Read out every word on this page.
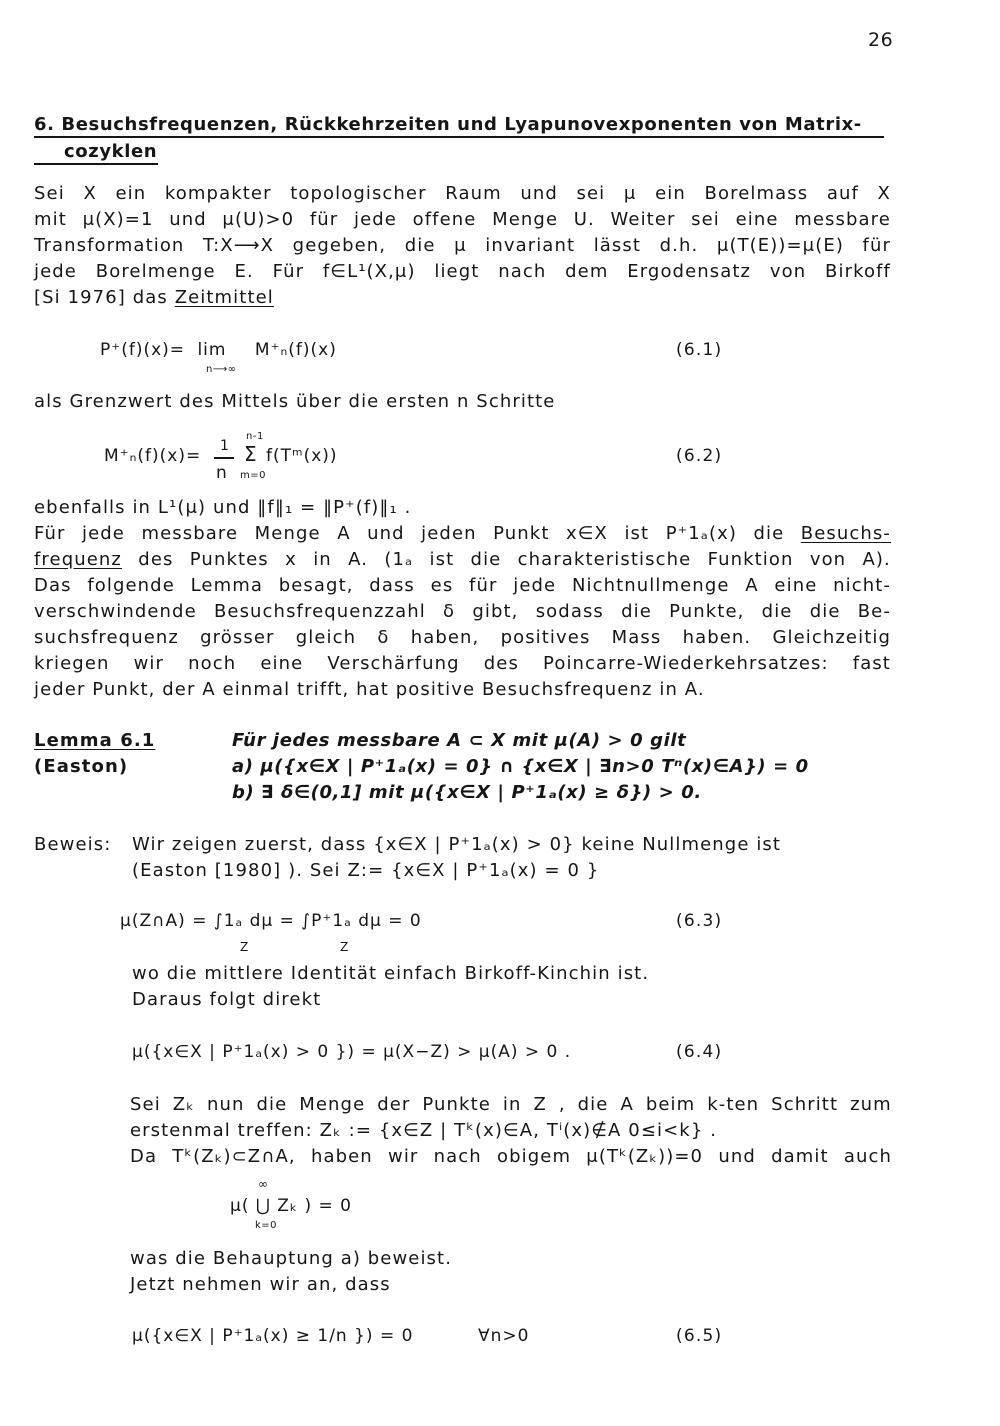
26
6. Besuchsfrequenzen, Rückkehrzeiten und Lyapunovexponenten von Matrix-
cozyklen
Sei X ein kompakter topologischer Raum und sei μ ein Borelmass auf X
mit μ(X)=1 und μ(U)>0 für jede offene Menge U. Weiter sei eine messbare
Transformation T:X⟶X gegeben, die μ invariant lässt d.h. μ(T(E))=μ(E) für
jede Borelmenge E. Für f∈L¹(X,μ) liegt nach dem Ergodensatz von Birkoff
[Si 1976] das Zeitmittel
P⁺(f)(x)= lim M⁺ₙ(f)(x)
n⟶∞
(6.1)
als Grenzwert des Mittels über die ersten n Schritte
n-1
M⁺ₙ(f)(x)= 1
n
Σ f(Tᵐ(x))
m=0
(6.2)
ebenfalls in L¹(μ) und ‖f‖₁ = ‖P⁺(f)‖₁ .
Für jede messbare Menge A und jeden Punkt x∈X ist P⁺1ₐ(x) die Besuchs-
frequenz des Punktes x in A. (1ₐ ist die charakteristische Funktion von A).
Das folgende Lemma besagt, dass es für jede Nichtnullmenge A eine nicht-
verschwindende Besuchsfrequenzzahl δ gibt, sodass die Punkte, die die Be-
suchsfrequenz grösser gleich δ haben, positives Mass haben. Gleichzeitig
kriegen wir noch eine Verschärfung des Poincarre-Wiederkehrsatzes: fast
jeder Punkt, der A einmal trifft, hat positive Besuchsfrequenz in A.
Lemma 6.1
(Easton)
Für jedes messbare A ⊂ X mit μ(A) > 0 gilt
a) μ({x∈X | P⁺1ₐ(x) = 0} ∩ {x∈X | ∃n>0 Tⁿ(x)∈A}) = 0
b) ∃ δ∈(0,1] mit μ({x∈X | P⁺1ₐ(x) ≥ δ}) > 0.
Beweis: Wir zeigen zuerst, dass {x∈X | P⁺1ₐ(x) > 0} keine Nullmenge ist
(Easton [1980] ). Sei Z:= {x∈X | P⁺1ₐ(x) = 0 }
μ(Z∩A) = ∫1ₐ dμ = ∫P⁺1ₐ dμ = 0
Z	Z
(6.3)
wo die mittlere Identität einfach Birkoff-Kinchin ist.
Daraus folgt direkt
μ({x∈X | P⁺1ₐ(x) > 0 }) = μ(X−Z) > μ(A) > 0 .	(6.4)
Sei Zₖ nun die Menge der Punkte in Z , die A beim k-ten Schritt zum
erstenmal treffen: Zₖ := {x∈Z | Tᵏ(x)∈A, Tⁱ(x)∉A 0≤i<k} .
Da Tᵏ(Zₖ)⊂Z∩A, haben wir nach obigem μ(Tᵏ(Zₖ))=0 und damit auch
∞
μ( ⋃ Zₖ ) = 0
k=0
was die Behauptung a) beweist.
Jetzt nehmen wir an, dass
μ({x∈X | P⁺1ₐ(x) ≥ 1/n }) = 0	∀n>0	(6.5)
